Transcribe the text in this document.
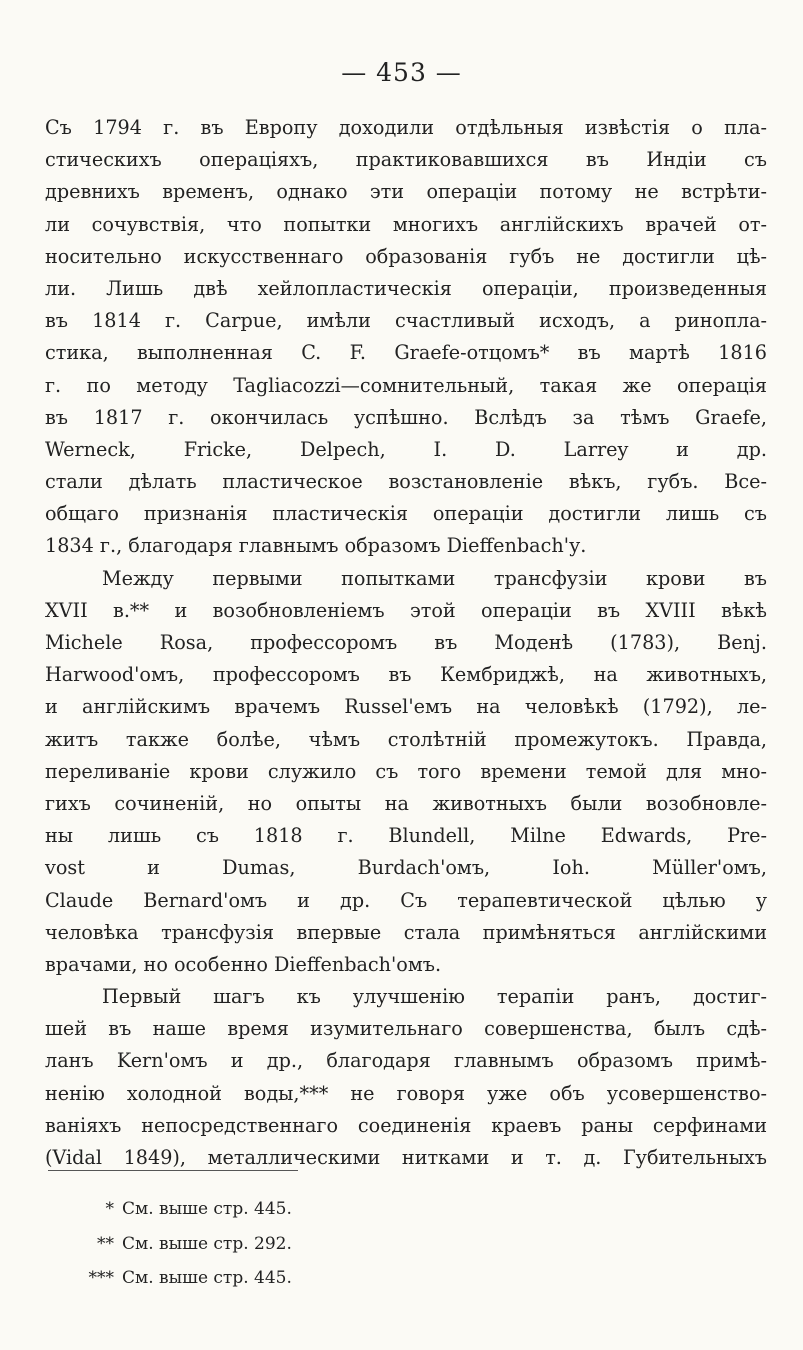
— 453 —
Съ 1794 г. въ Европу доходили отдѣльныя извѣстія о пла-
стическихъ операціяхъ, практиковавшихся въ Индіи съ
древнихъ временъ, однако эти операціи потому не встрѣти-
ли сочувствія, что попытки многихъ англійскихъ врачей от-
носительно искусственнаго образованія губъ не достигли цѣ-
ли. Лишь двѣ хейлопластическія операціи, произведенныя
въ 1814 г. Carpue, имѣли счастливый исходъ, а ринопла-
стика, выполненная C. F. Graefe-отцомъ* въ мартѣ 1816
г. по методу Tagliacozzi—сомнительный, такая же операція
въ 1817 г. окончилась успѣшно. Вслѣдъ за тѣмъ Graefe,
Werneck, Fricke, Delpech, I. D. Larrey и др.
стали дѣлать пластическое возстановленіе вѣкъ, губъ. Все-
общаго признанія пластическія операціи достигли лишь съ
1834 г., благодаря главнымъ образомъ Dieffenbach'у.
Между первыми попытками трансфузіи крови въ
XVII в.** и возобновленіемъ этой операціи въ XVIII вѣкѣ
Michele Rosa, профессоромъ въ Моденѣ (1783), Benj.
Harwood'омъ, профессоромъ въ Кембриджѣ, на животныхъ,
и англійскимъ врачемъ Russel'емъ на человѣкѣ (1792), ле-
житъ также болѣе, чѣмъ столѣтній промежутокъ. Правда,
переливаніе крови служило съ того времени темой для мно-
гихъ сочиненій, но опыты на животныхъ были возобновле-
ны лишь съ 1818 г. Blundell, Milne Edwards, Pre-
vost и Dumas, Burdach'омъ, Ioh. Müller'омъ,
Claude Bernard'омъ и др. Съ терапевтической цѣлью у
человѣка трансфузія впервые стала примѣняться англійскими
врачами, но особенно Dieffenbach'омъ.
Первый шагъ къ улучшенію терапіи ранъ, достиг-
шей въ наше время изумительнаго совершенства, былъ сдѣ-
ланъ Kern'омъ и др., благодаря главнымъ образомъ примѣ-
ненію холодной воды,*** не говоря уже объ усовершенство-
ваніяхъ непосредственнаго соединенія краевъ раны серфинами
(Vidal 1849), металлическими нитками и т. д. Губительныхъ
* См. выше стр. 445.
** См. выше стр. 292.
*** См. выше стр. 445.
